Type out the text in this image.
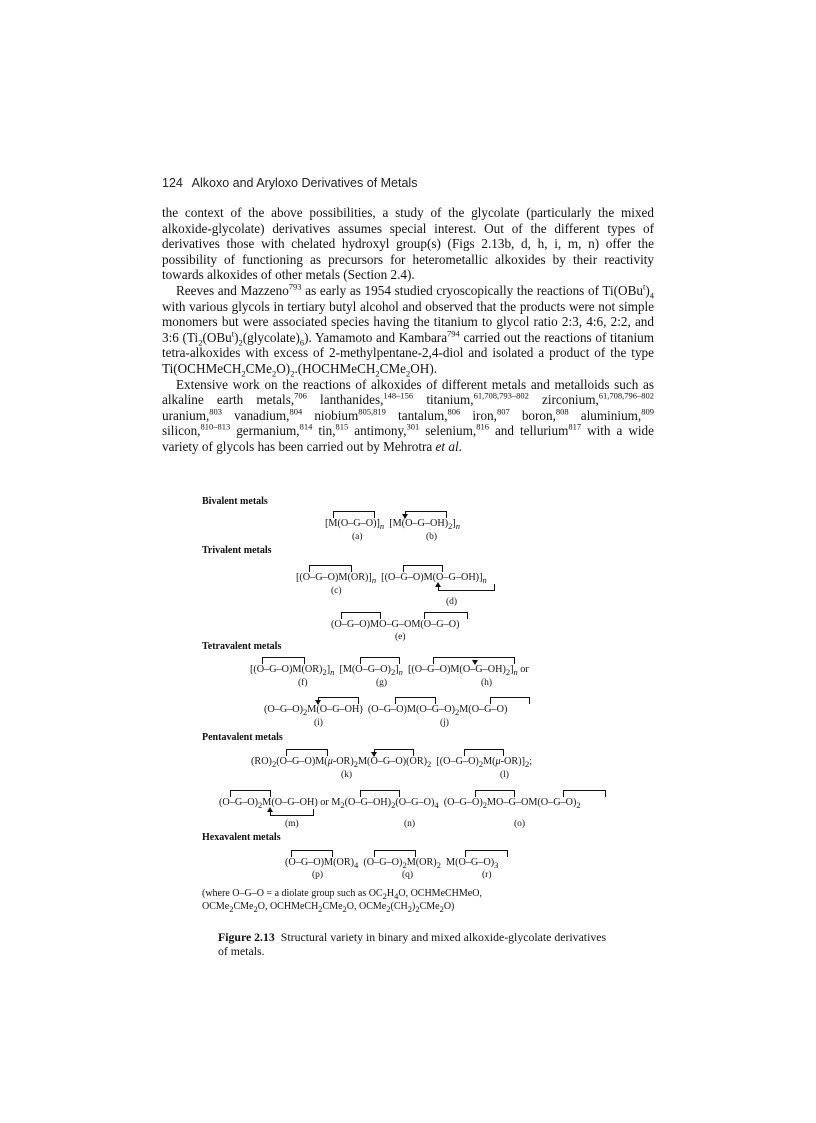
124 Alkoxo and Aryloxo Derivatives of Metals

the context of the above possibilities, a study of the glycolate (particularly the mixed alkoxide-glycolate) derivatives assumes special interest. Out of the different types of derivatives those with chelated hydroxyl group(s) (Figs 2.13b, d, h, i, m, n) offer the possibility of functioning as precursors for heterometallic alkoxides by their reactivity towards alkoxides of other metals (Section 2.4).

Reeves and Mazzeno$^{793}$ as early as 1954 studied cryoscopically the reactions of $Ti(OBu^t)_4$ with various glycols in tertiary butyl alcohol and observed that the products were not simple monomers but were associated species having the titanium to glycol ratio 2:3, 4:6, 2:2, and 3:6 $(Ti_2(OBu^t)_2(glycolate)_6)$. Yamamoto and Kambara$^{794}$ carried out the reactions of titanium tetra-alkoxides with excess of 2-methylpentane-2,4-diol and isolated a product of the type $Ti(OCHMeCH_2CMe_2O)_2.(HOCHMeCH_2CMe_2OH)$.

Extensive work on the reactions of alkoxides of different metals and metalloids such as alkaline earth metals,$^{706}$ lanthanides,$^{148-156}$ titanium,$^{61,708,793-802}$ zirconium,$^{61,708,796-802}$ uranium,$^{803}$ vanadium,$^{804}$ niobium$^{805,819}$ tantalum,$^{806}$ iron,$^{807}$ boron,$^{808}$ aluminium,$^{809}$ silicon,$^{810-813}$ germanium,$^{814}$ tin,$^{815}$ antimony,$^{301}$ selenium,$^{816}$ and tellurium$^{817}$ with a wide variety of glycols has been carried out by Mehrotra et al.

Bivalent metals
$[M(O-G-O)]_n$  $[M(O-G-OH)_2]_n$
(a)	(b)
Trivalent metals
$[(O-G-O)M(OR)]_n$  $[(O-G-O)M(O-G-OH)]_n$
(c)
(d)
(O–G–O)MO–G–OM(O–G–O)
(e)
Tetravalent metals
$[(O-G-O)M(OR)_2]_n$  $[M(O-G-O)_2]_n$  $[(O-G-O)M(O-G-OH)_2]_n$ or
(f)	(g)	(h)
$(O-G-O)_2M(O-G-OH)$  $(O-G-O)M(O-G-O)_2M(O-G-O)$
(i)	(j)
Pentavalent metals
$(RO)_2(O-G-O)M(\mu-OR)_2M(O-G-O)(OR)_2$  $[(O-G-O)_2M(\mu-OR)]_2$;
(k)	(l)
$(O-G-O)_2M(O-G-OH)$ or $M_2(O-G-OH)_2(O-G-O)_4$  $(O-G-O)_2MO-G-OM(O-G-O)_2$
(m)	(n)	(o)
Hexavalent metals
$(O-G-O)M(OR)_4$  $(O-G-O)_2M(OR)_2$  $M(O-G-O)_3$
(p)	(q)	(r)
(where O–G–O = a diolate group such as $OC_2H_4O$, OCHMeCHMeO,
OCMe$_2$CMe$_2$O, OCHMeCH$_2$CMe$_2$O, $OCMe_2(CH_2)_2CMe_2O$)
Figure 2.13 Structural variety in binary and mixed alkoxide-glycolate derivatives of metals.
